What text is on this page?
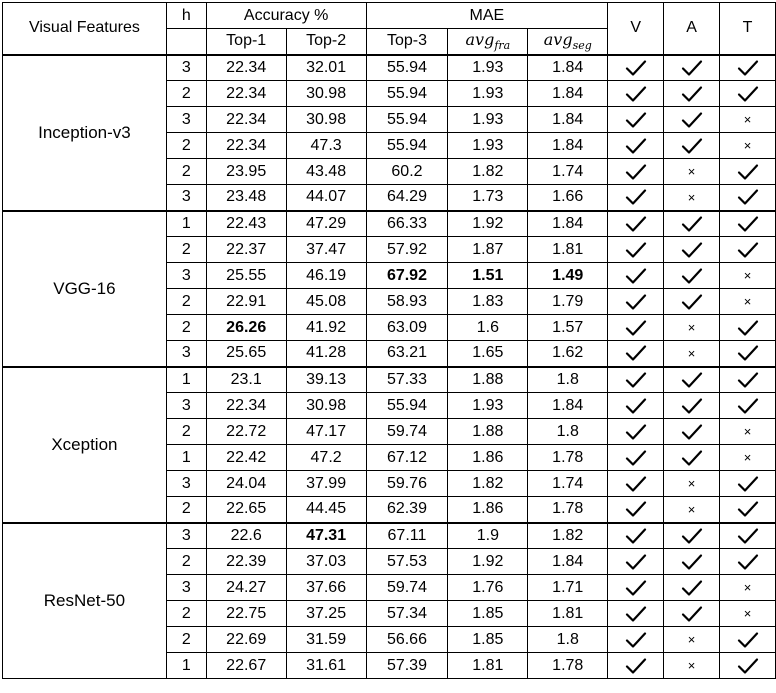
Visual Features	h	Accuracy %		MAE			V	A	T
		Top-1	Top-2	Top-3	avg$_{fra}$	avg$_{seg}$
Inception-v3	3	22.34	32.01	55.94	1.93	1.84	

	2	22.34	30.98	55.94	1.93	1.84	

	3	22.34	30.98	55.94	1.93	1.84			×
	2	22.34	47.3	55.94	1.93	1.84			×
	2	23.95	43.48	60.2	1.82	1.74		×	

	3	23.48	44.07	64.29	1.73	1.66		×	

VGG-16	1	22.43	47.29	66.33	1.92	1.84	

	2	22.37	37.47	57.92	1.87	1.81	

	3	25.55	46.19	67.92	1.51	1.49			×
	2	22.91	45.08	58.93	1.83	1.79			×
	2	26.26	41.92	63.09	1.6	1.57		×	

	3	25.65	41.28	63.21	1.65	1.62		×	

Xception	1	23.1	39.13	57.33	1.88	1.8	

	3	22.34	30.98	55.94	1.93	1.84	

	2	22.72	47.17	59.74	1.88	1.8			×
	1	22.42	47.2	67.12	1.86	1.78			×
	3	24.04	37.99	59.76	1.82	1.74		×	

	2	22.65	44.45	62.39	1.86	1.78		×	

ResNet-50	3	22.6	47.31	67.11	1.9	1.82	

	2	22.39	37.03	57.53	1.92	1.84	

	3	24.27	37.66	59.74	1.76	1.71			×
	2	22.75	37.25	57.34	1.85	1.81			×
	2	22.69	31.59	56.66	1.85	1.8		×	

	1	22.67	31.61	57.39	1.81	1.78		×	
